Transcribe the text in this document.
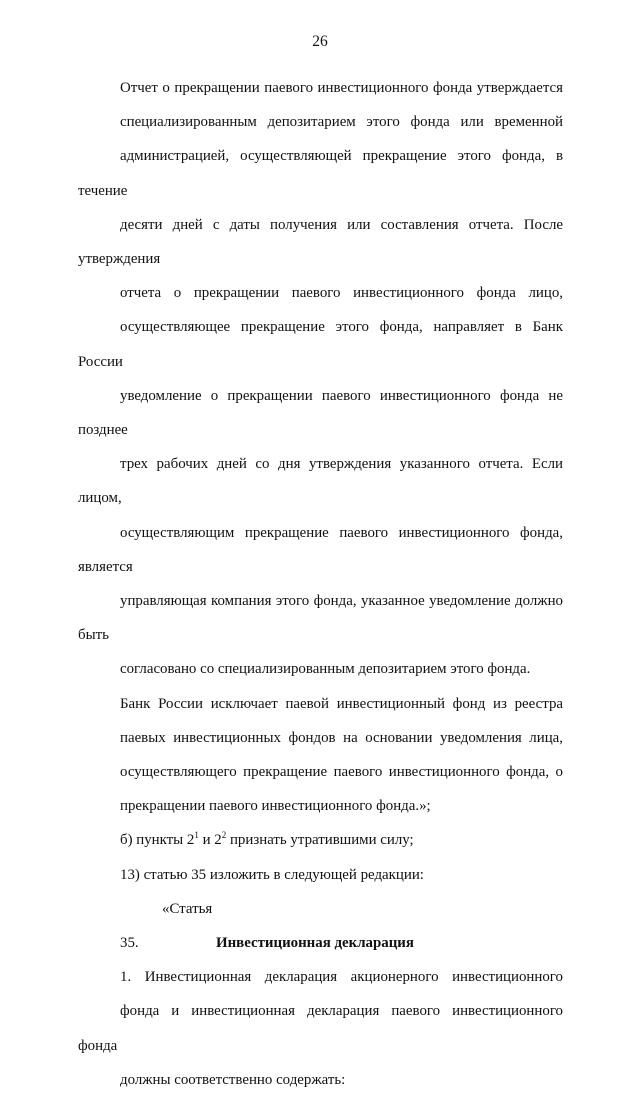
26
Отчет о прекращении паевого инвестиционного фонда утверждается
специализированным депозитарием этого фонда или временной
администрацией, осуществляющей прекращение этого фонда, в течение
десяти дней с даты получения или составления отчета. После утверждения
отчета о прекращении паевого инвестиционного фонда лицо,
осуществляющее прекращение этого фонда, направляет в Банк России
уведомление о прекращении паевого инвестиционного фонда не позднее
трех рабочих дней со дня утверждения указанного отчета. Если лицом,
осуществляющим прекращение паевого инвестиционного фонда, является
управляющая компания этого фонда, указанное уведомление должно быть
согласовано со специализированным депозитарием этого фонда.
Банк России исключает паевой инвестиционный фонд из реестра
паевых инвестиционных фондов на основании уведомления лица,
осуществляющего прекращение паевого инвестиционного фонда, о
прекращении паевого инвестиционного фонда.»;
б) пункты $2^1$ и $2^2$ признать утратившими силу;
13) статью 35 изложить в следующей редакции:
«Статья 35.	Инвестиционная декларация
1. Инвестиционная декларация акционерного инвестиционного
фонда и инвестиционная декларация паевого инвестиционного фонда
должны соответственно содержать:
